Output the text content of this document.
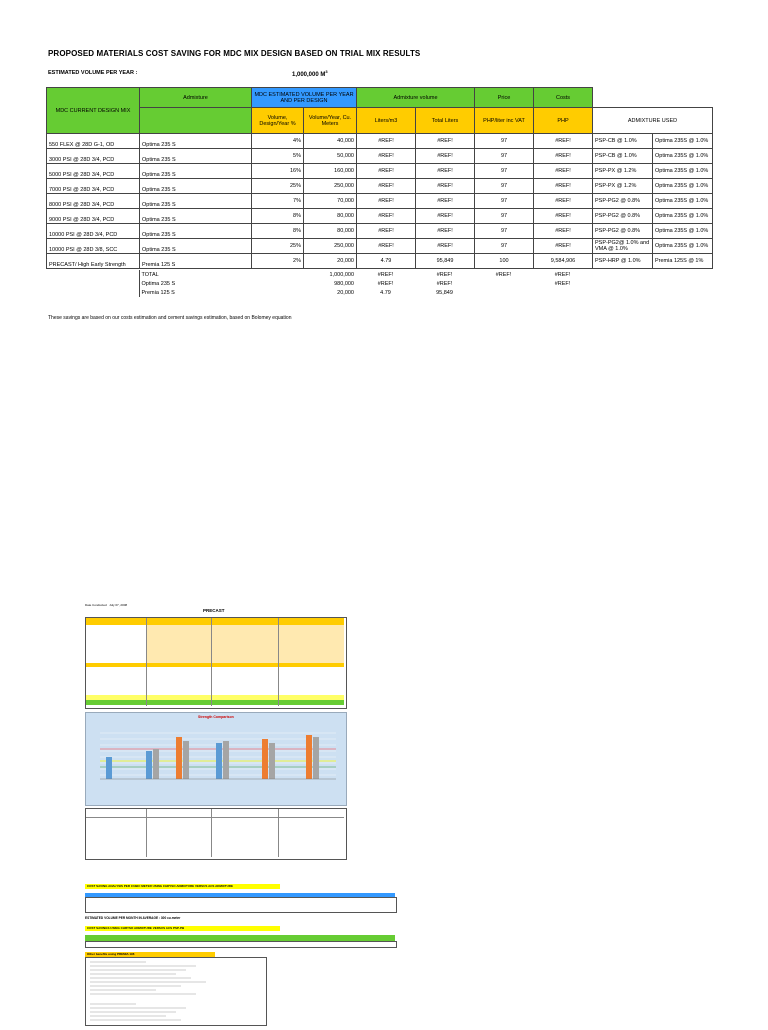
PROPOSED MATERIALS COST SAVING FOR MDC MIX DESIGN BASED ON TRIAL MIX RESULTS
ESTIMATED VOLUME PER YEAR :	1,000,000 $M^3$
MDC CURRENT DESIGN MIX	Admixture	MDC ESTIMATED VOLUME PER YEAR AND PER DESIGN		Admixture volume		Price	Costs		
		Volume, Design/Year %	Volume/Year, Cu. Meters	Liters/m3	Total Liters	PHP/liter inc VAT	PHP	ADMIXTURE USED	
550 FLEX @ 28D G-1, OD	Optima 235 S	4%	40,000	#REF!	#REF!	97	#REF!	PSP-CB @ 1.0%	Optima 235S @ 1.0%
3000 PSI @ 28D 3/4, PCD	Optima 235 S	5%	50,000	#REF!	#REF!	97	#REF!	PSP-CB @ 1.0%	Optima 235S @ 1.0%
5000 PSI @ 28D 3/4, PCD	Optima 235 S	16%	160,000	#REF!	#REF!	97	#REF!	PSP-PX @ 1.2%	Optima 235S @ 1.0%
7000 PSI @ 28D 3/4, PCD	Optima 235 S	25%	250,000	#REF!	#REF!	97	#REF!	PSP-PX @ 1.2%	Optima 235S @ 1.0%
8000 PSI @ 28D 3/4, PCD	Optima 235 S	7%	70,000	#REF!	#REF!	97	#REF!	PSP-PG2 @ 0.8%	Optima 235S @ 1.0%
9000 PSI @ 28D 3/4, PCD	Optima 235 S	8%	80,000	#REF!	#REF!	97	#REF!	PSP-PG2 @ 0.8%	Optima 235S @ 1.0%
10000 PSI @ 28D 3/4, PCD	Optima 235 S	8%	80,000	#REF!	#REF!	97	#REF!	PSP-PG2 @ 0.8%	Optima 235S @ 1.0%
10000 PSI @ 28D 3/8, SCC	Optima 235 S	25%	250,000	#REF!	#REF!	97	#REF!	PSP-PG2@ 1.0% and VMA @ 1.0%	Optima 235S @ 1.0%
PRECAST/ High Early Strength	Premia 125 S	2%	20,000	4.79	95,849	100	9,584,906	PSP-HRP @ 1.0%	Premia 125S @ 1%
	TOTAL	1,000,000	#REF!	#REF!	#REF!	#REF!
	Optima 235 S	980,000	#REF!	#REF!		#REF!
	Premia 125 S	20,000	4.79	95,849		
These savings are based on our costs estimation and cement savings estimation, based on Bolomey equation
Date Conducted July 07, 2008
PRECAST
Strength Comparison
COST SAVING ANALYSIS PER CUBIC METER USING CHRYSO ADMIXTURE VERSUS ACS ADMIXTURE
ESTIMATED VOLUME PER MONTH IN AVERAGE : 300 cu.meter
COST SAVINGS USING CHRYSO ADMIXTURE VERSUS ACS PSP-PB
Other benefits using PREMIA 196
